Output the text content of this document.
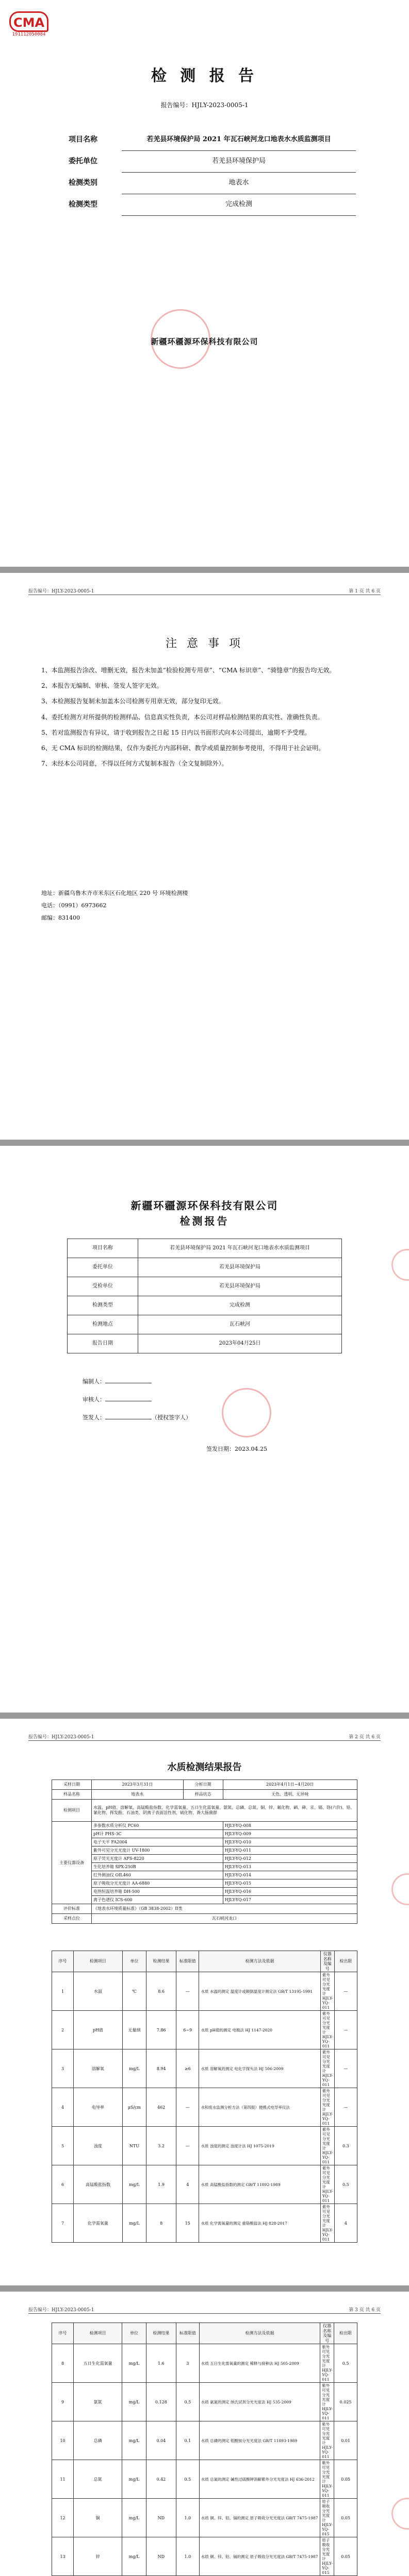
CMA
191112050084
检 测 报 告
报告编号：HJLY-2023-0005-1
项目名称	若羌县环境保护局 2021 年瓦石峡河龙口地表水水质监测项目
委托单位	若羌县环境保护局
检测类别	地表水
检测类型	完成检测
新疆环疆源环保科技有限公司
报告编号：HJLY-2023-0005-1	第 1 页 共 6 页
注 意 事 项

1、本监测报告涂改、增删无效，报告未加盖“检验检测专用章”、“CMA 标识章”、“骑缝章”的报告均无效。

2、本报告无编制、审核、签发人签字无效。

3、本检测报告复制未加盖本公司检测专用章无效，部分复印无效。

4、委托检测方对所提供的检测样品、信息真实性负责，本公司对样品检测结果的真实性、准确性负责。

5、若对监测报告有异议，请于收到报告之日起 15 日内以书面形式向本公司提出，逾期不予受理。

6、无 CMA 标识的检测结果，仅作为委托方内部科研、教学或质量控制参考使用，不得用于社会证明。

7、未经本公司同意，不得以任何方式复制本报告（全文复制除外）。

地址：新疆乌鲁木齐市米东区石化地区 220 号 环境检测楼
电话：（0991）6973662
邮编：831400
新疆环疆源环保科技有限公司
检测报告
项目名称	若羌县环境保护局 2021 年瓦石峡河龙口地表水水质监测项目
委托单位	若羌县环境保护局
受检单位	若羌县环境保护局
检测类型	完成检测
检测地点	瓦石峡河
报告日期	2023年04月25日
编制人：
审核人：
签发人：	（授权签字人）
签发日期：2023.04.25
报告编号：HJLY-2023-0005-1	第 2 页 共 6 页
水质检测结果报告
采样日期	2023年3月31日	分析日期	2023年4月1日~4月20日
样品名称	地表水	样品状态	无色、透明、无异味
检测项目	水温、pH值、溶解氧、高锰酸盐指数、化学需氧量、五日生化需氧量、氨氮、总磷、总氮、铜、锌、氟化物、硒、砷、汞、镉、铬(六价)、铅、氰化物、挥发酚、石油类、阴离子表面活性剂、硫化物、粪大肠菌群		
主要仪器设备	多参数水质分析仪 PC60		HJLY-YQ-008
	pH计 PHS-3C		HJLY-YQ-009
	电子天平 FA2004		HJLY-YQ-010
	紫外可见分光光度计 UV-1800		HJLY-YQ-011
	原子荧光光度计 AFS-8220		HJLY-YQ-012
	生化培养箱 SPX-250B		HJLY-YQ-013
	红外测油仪 OIL460		HJLY-YQ-014
	原子吸收分光光度计 AA-6880		HJLY-YQ-015
	电热恒温培养箱 DH-500		HJLY-YQ-016
	离子色谱仪 ICS-600		HJLY-YQ-017
评价标准	《地表水环境质量标准》（GB 3838-2002）II类		
采样点位	瓦石峡河龙口		
序号	检测项目	单位	检测结果	标准限值	检测方法及依据	仪器名称及编号	检出限
1	水温	℃	8.6	—	水质 水温的测定 温度计或颠倒温度计测定法 GB/T 13195-1991	紫外可见分光光度计 HJLY-YQ-011	—
2	pH值	无量纲	7.86	6~9	水质 pH值的测定 电极法 HJ 1147-2020	紫外可见分光光度计 HJLY-YQ-011	—
3	溶解氧	mg/L	8.94	≥6	水质 溶解氧的测定 电化学探头法 HJ 506-2009	紫外可见分光光度计 HJLY-YQ-011	—
4	电导率	μS/cm	462	—	水和废水监测分析方法（第四版）便携式电导率仪法	紫外可见分光光度计 HJLY-YQ-011	—
5	浊度	NTU	3.2	—	水质 浊度的测定 浊度计法 HJ 1075-2019	紫外可见分光光度计 HJLY-YQ-011	0.3
6	高锰酸盐指数	mg/L	1.9	4	水质 高锰酸盐指数的测定 GB/T 11892-1989	紫外可见分光光度计 HJLY-YQ-011	0.5
7	化学需氧量	mg/L	8	15	水质 化学需氧量的测定 重铬酸盐法 HJ 828-2017	紫外可见分光光度计 HJLY-YQ-011	4
报告编号：HJLY-2023-0005-1	第 3 页 共 6 页
序号	检测项目	单位	检测结果	标准限值	检测方法及依据	仪器名称及编号	检出限
8	五日生化需氧量	mg/L	1.6	3	水质 五日生化需氧量的测定 稀释与接种法 HJ 505-2009	紫外可见分光光度计 HJLY-YQ-011	0.5
9	氨氮	mg/L	0.128	0.5	水质 氨氮的测定 纳氏试剂分光光度法 HJ 535-2009	紫外可见分光光度计 HJLY-YQ-011	0.025
10	总磷	mg/L	0.04	0.1	水质 总磷的测定 钼酸铵分光光度法 GB/T 11893-1989	紫外可见分光光度计 HJLY-YQ-011	0.01
11	总氮	mg/L	0.42	0.5	水质 总氮的测定 碱性过硫酸钾消解紫外分光光度法 HJ 636-2012	紫外可见分光光度计 HJLY-YQ-011	0.05
12	铜	mg/L	ND	1.0	水质 铜、锌、铅、镉的测定 原子吸收分光光度法 GB/T 7475-1987	原子吸收分光光度计 HJLY-YQ-015	0.05
13	锌	mg/L	ND	1.0	水质 铜、锌、铅、镉的测定 原子吸收分光光度法 GB/T 7475-1987	原子吸收分光光度计 HJLY-YQ-015	0.05
